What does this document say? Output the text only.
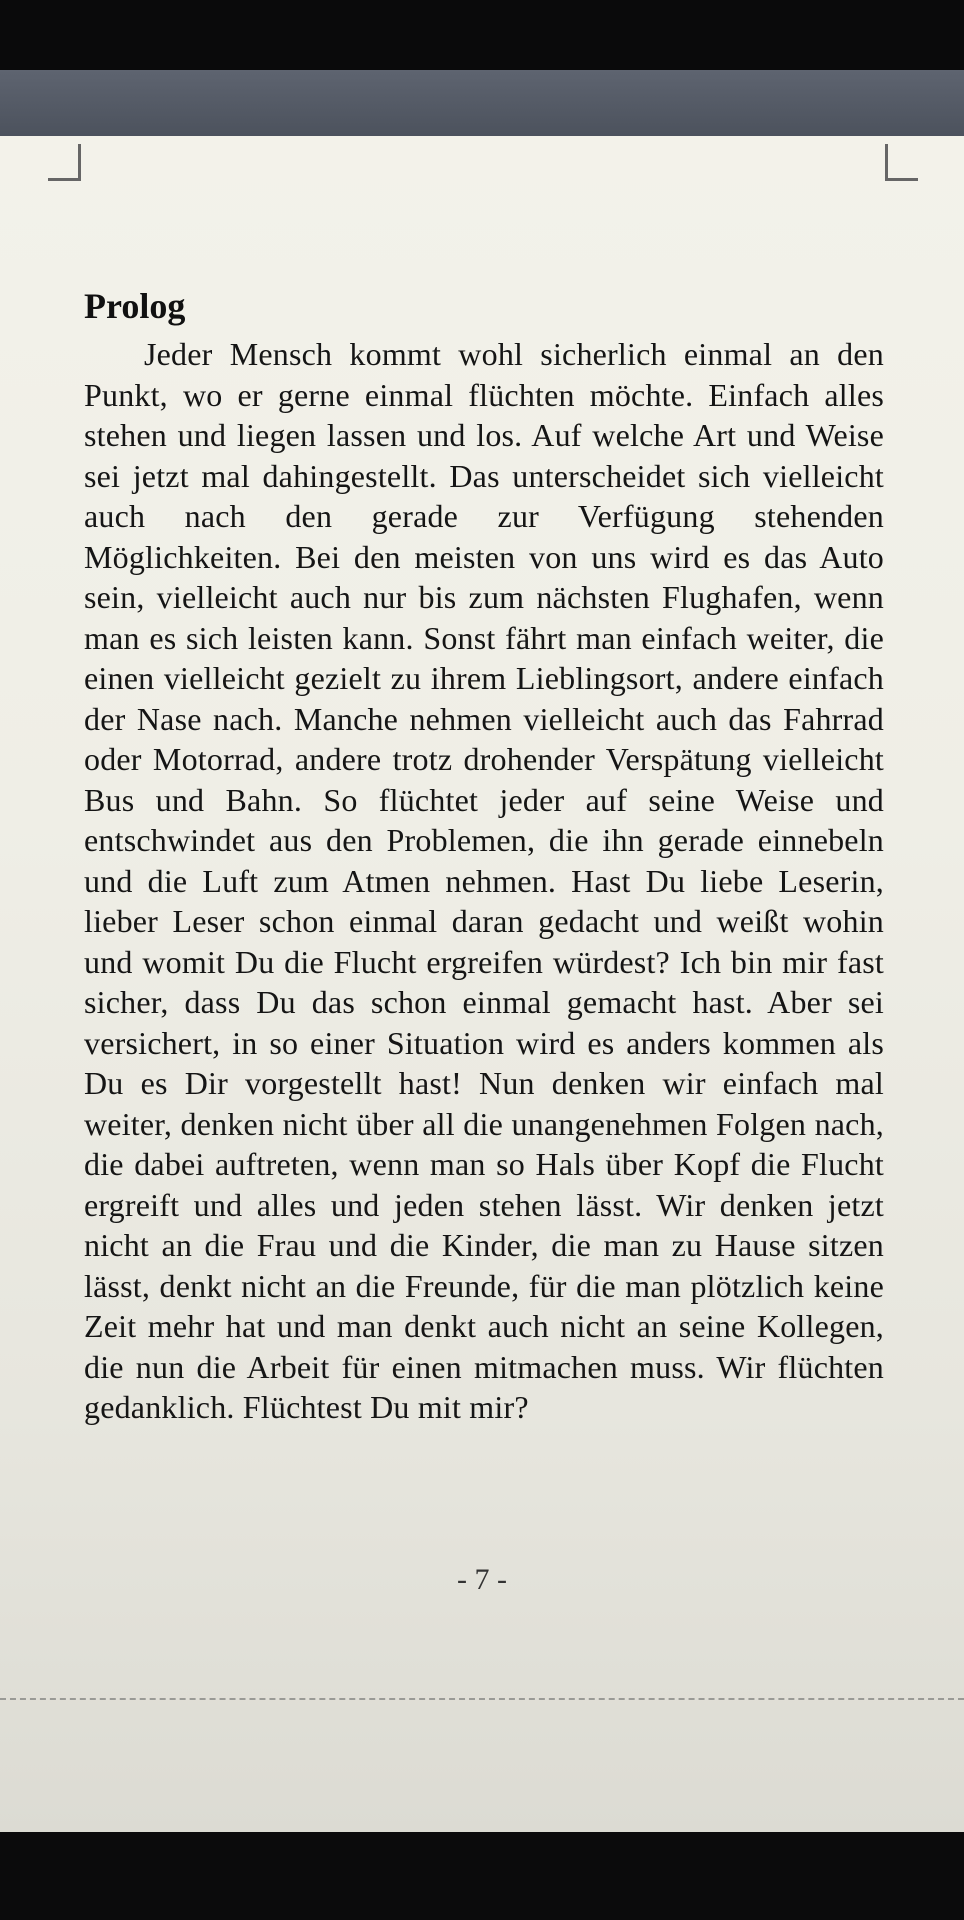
Prolog

Jeder Mensch kommt wohl sicherlich einmal an den Punkt, wo er gerne einmal flüchten möchte. Einfach alles stehen und liegen lassen und los. Auf welche Art und Weise sei jetzt mal dahingestellt. Das unterscheidet sich vielleicht auch nach den gerade zur Verfügung stehenden Möglichkeiten. Bei den meisten von uns wird es das Auto sein, vielleicht auch nur bis zum nächsten Flughafen, wenn man es sich leisten kann. Sonst fährt man einfach weiter, die einen vielleicht gezielt zu ihrem Lieblingsort, andere einfach der Nase nach. Manche nehmen vielleicht auch das Fahrrad oder Motorrad, andere trotz drohender Verspätung vielleicht Bus und Bahn. So flüchtet jeder auf seine Weise und entschwindet aus den Problemen, die ihn gerade einnebeln und die Luft zum Atmen nehmen. Hast Du liebe Leserin, lieber Leser schon einmal daran gedacht und weißt wohin und womit Du die Flucht ergreifen würdest? Ich bin mir fast sicher, dass Du das schon einmal gemacht hast. Aber sei versichert, in so einer Situation wird es anders kommen als Du es Dir vorgestellt hast! Nun denken wir einfach mal weiter, denken nicht über all die unangenehmen Folgen nach, die dabei auftreten, wenn man so Hals über Kopf die Flucht ergreift und alles und jeden stehen lässt. Wir denken jetzt nicht an die Frau und die Kinder, die man zu Hause sitzen lässt, denkt nicht an die Freunde, für die man plötzlich keine Zeit mehr hat und man denkt auch nicht an seine Kollegen, die nun die Arbeit für einen mitmachen muss. Wir flüchten gedanklich. Flüchtest Du mit mir?

- 7 -
